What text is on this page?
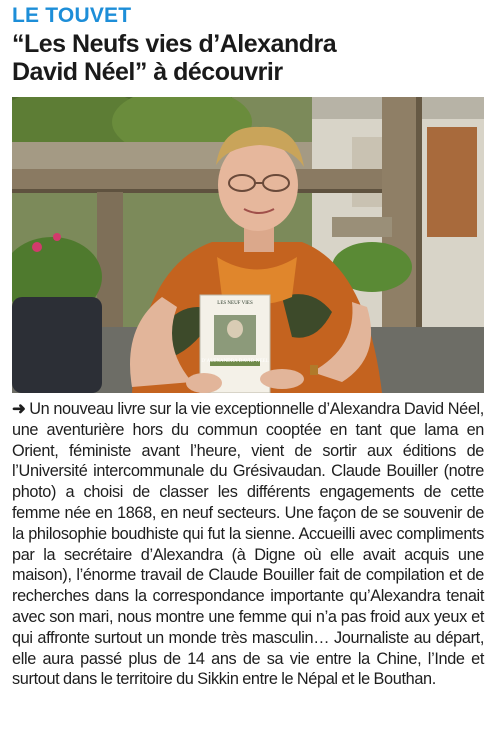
LE TOUVET
“Les Neufs vies d’Alexandra
David Néel” à découvrir
LES NEUF VIES
D’ALEXANDRA DAVID-NEEL
➜ Un nouveau livre sur la vie exceptionnelle d’Alexandra David Néel, une aventurière hors du commun cooptée en tant que lama en Orient, féministe avant l’heure, vient de sortir aux éditions de l’Université intercommunale du Grésivaudan. Claude Bouiller (notre photo) a choisi de classer les différents engagements de cette femme née en 1868, en neuf secteurs. Une façon de se souvenir de la philosophie boudhiste qui fut la sienne. Accueilli avec compliments par la secrétaire d’Alexandra (à Digne où elle avait acquis une maison), l’énorme travail de Claude Bouiller fait de compilation et de recherches dans la correspondance importante qu’Alexandra tenait avec son mari, nous montre une femme qui n’a pas froid aux yeux et qui affronte surtout un monde très masculin… Journaliste au départ, elle aura passé plus de 14 ans de sa vie entre la Chine, l’Inde et surtout dans le territoire du Sikkin entre le Népal et le Bouthan.
